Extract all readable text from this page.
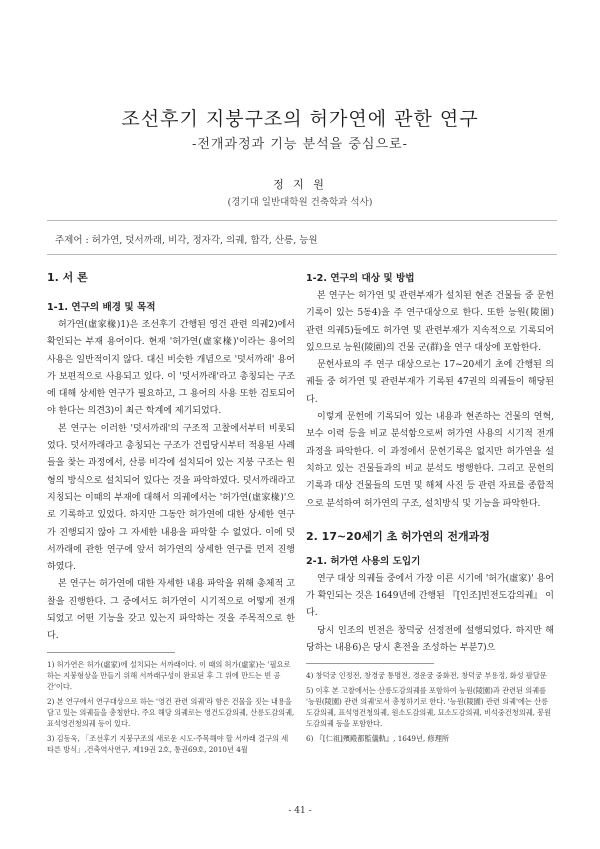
조선후기 지붕구조의 허가연에 관한 연구
-전개과정과 기능 분석을 중심으로-
정 지 원
(경기대 일반대학원 건축학과 석사)
주제어 : 허가연, 덧서까래, 비각, 정자각, 의궤, 합각, 산릉, 능원
1. 서 론
1-1. 연구의 배경 및 목적

허가연(虛家椽)1)은 조선후기 간행된 영건 관련 의궤2)에서 확인되는 부재 용어이다. 현재 '허가연(虛家椽)'이라는 용어의 사용은 일반적이지 않다. 대신 비슷한 개념으로 '덧서까래' 용어가 보편적으로 사용되고 있다. 이 '덧서까래'라고 총칭되는 구조에 대해 상세한 연구가 필요하고, 그 용어의 사용 또한 검토되어야 한다는 의견3)이 최근 학계에 제기되었다.

본 연구는 이러한 '덧서까래'의 구조적 고찰에서부터 비롯되었다. 덧서까래라고 총칭되는 구조가 건립당시부터 적용된 사례들을 찾는 과정에서, 산릉 비각에 설치되어 있는 지붕 구조는 원형의 방식으로 설치되어 있다는 것을 파악하였다. 덧서까래라고 지칭되는 이때의 부재에 대해서 의궤에서는 '허가연(虛家椽)'으로 기록하고 있었다. 하지만 그동안 허가연에 대한 상세한 연구가 진행되지 않아 그 자세한 내용을 파악할 수 없었다. 이에 덧서까래에 관한 연구에 앞서 허가연의 상세한 연구를 먼저 진행하였다.

본 연구는 허가연에 대한 자세한 내용 파악을 위해 총체적 고찰을 진행한다. 그 중에서도 허가연이 시기적으로 어떻게 전개되었고 어떤 기능을 갖고 있는지 파악하는 것을 주목적으로 한다.

1) 허가연은 허가(虛家)에 설치되는 서까래이다. 이 때의 허가(虛家)는 '필요로 하는 지붕형상을 만들기 위해 서까래구성이 완료된 후 그 위에 만드는 빈 공간'이다.

2) 본 연구에서 연구대상으로 하는 '영건 관련 의궤'라 함은 건물을 짓는 내용을 담고 있는 의궤들을 총칭한다. 주요 해당 의궤로는 영건도감의궤, 산릉도감의궤, 표석영건청의궤 등이 있다.

3) 김동욱, 「조선후기 지붕구조의 새로운 시도-주목해야 할 서까래 결구의 세타른 방식」,건축역사연구, 제19권 2호, 통권69호, 2010년 4월

1-2. 연구의 대상 및 방법

본 연구는 허가연 및 관련부재가 설치된 현존 건물들 중 문헌기록이 있는 5동4)을 주 연구대상으로 한다. 또한 능원(陵園) 관련 의궤5)들에도 허가연 및 관련부재가 지속적으로 기록되어 있으므로 능원(陵園)의 건물 군(群)을 연구 대상에 포함한다.

문헌사료의 주 연구 대상으로는 17~20세기 초에 간행된 의궤들 중 허가연 및 관련부재가 기록된 47권의 의궤들이 해당된다.

이렇게 문헌에 기록되어 있는 내용과 현존하는 건물의 연혁, 보수 이력 등을 비교 분석함으로써 허가연 사용의 시기적 전개과정을 파악한다. 이 과정에서 문헌기록은 없지만 허가연을 설치하고 있는 건물들과의 비교 분석도 병행한다. 그리고 문헌의 기록과 대상 건물들의 도면 및 해체 사진 등 관련 자료를 종합적으로 분석하여 허가연의 구조, 설치방식 및 기능을 파악한다.

2. 17~20세기 초 허가연의 전개과정
2-1. 허가연 사용의 도입기

연구 대상 의궤들 중에서 가장 이른 시기에 '허가(虛家)' 용어가 확인되는 것은 1649년에 간행된 『[인조]빈전도감의궤』 이다.

당시 인조의 빈전은 창덕궁 선정전에 설행되었다. 하지만 해당하는 내용6)은 당시 혼전을 조성하는 부분7)으

4) 창덕궁 인정전, 창경궁 통명전, 경운궁 중화전, 창덕궁 부용정, 화성 팔달문

5) 이후 본 고찰에서는 산릉도감의궤를 포함하여 능원(陵園)과 관련된 의궤를 '능원(陵園) 관련 의궤'로서 총칭하기로 한다. '능원(陵園) 관련 의궤'에는 산릉도감의궤, 표석영건청의궤, 원소도감의궤, 묘소도감의궤, 비석중건청의궤, 봉원도감의궤 등을 포함한다.

6) 『[仁祖]殯殿都監儀軌』, 1649년, 修理所

- 41 -
